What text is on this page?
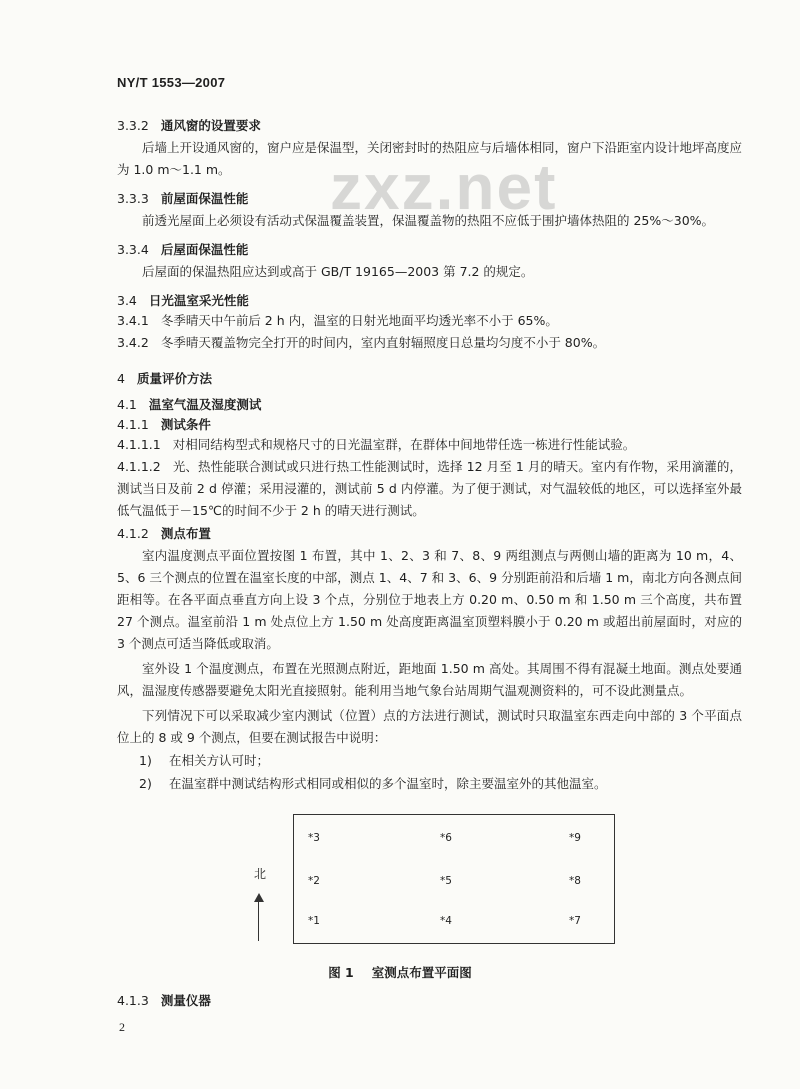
NY/T 1553—2007
zxz.net
3.3.2 通风窗的设置要求
后墙上开设通风窗的，窗户应是保温型，关闭密封时的热阻应与后墙体相同，窗户下沿距室内设计地坪高度应为 1.0 m～1.1 m。
3.3.3 前屋面保温性能
前透光屋面上必须设有活动式保温覆盖装置，保温覆盖物的热阻不应低于围护墙体热阻的 25%～30%。
3.3.4 后屋面保温性能
后屋面的保温热阻应达到或高于 GB/T 19165—2003 第 7.2 的规定。
3.4 日光温室采光性能
3.4.1 冬季晴天中午前后 2 h 内，温室的日射光地面平均透光率不小于 65%。
3.4.2 冬季晴天覆盖物完全打开的时间内，室内直射辐照度日总量均匀度不小于 80%。
4 质量评价方法
4.1 温室气温及湿度测试
4.1.1 测试条件
4.1.1.1 对相同结构型式和规格尺寸的日光温室群，在群体中间地带任选一栋进行性能试验。
4.1.1.2 光、热性能联合测试或只进行热工性能测试时，选择 12 月至 1 月的晴天。室内有作物，采用滴灌的，测试当日及前 2 d 停灌；采用浸灌的，测试前 5 d 内停灌。为了便于测试，对气温较低的地区，可以选择室外最低气温低于－15℃的时间不少于 2 h 的晴天进行测试。
4.1.2 测点布置
室内温度测点平面位置按图 1 布置，其中 1、2、3 和 7、8、9 两组测点与两侧山墙的距离为 10 m，4、5、6 三个测点的位置在温室长度的中部，测点 1、4、7 和 3、6、9 分别距前沿和后墙 1 m，南北方向各测点间距相等。在各平面点垂直方向上设 3 个点，分别位于地表上方 0.20 m、0.50 m 和 1.50 m 三个高度，共布置 27 个测点。温室前沿 1 m 处点位上方 1.50 m 处高度距离温室顶塑料膜小于 0.20 m 或超出前屋面时，对应的 3 个测点可适当降低或取消。
室外设 1 个温度测点，布置在光照测点附近，距地面 1.50 m 高处。其周围不得有混凝土地面。测点处要通风，温湿度传感器要避免太阳光直接照射。能利用当地气象台站周期气温观测资料的，可不设此测量点。
下列情况下可以采取减少室内测试（位置）点的方法进行测试，测试时只取温室东西走向中部的 3 个平面点位上的 8 或 9 个测点，但要在测试报告中说明：
1) 在相关方认可时；
2) 在温室群中测试结构形式相同或相似的多个温室时，除主要温室外的其他温室。
北
*1
*2
*3
*4
*5
*6
*7
*8
*9
图 1 室测点布置平面图
4.1.3 测量仪器
2
